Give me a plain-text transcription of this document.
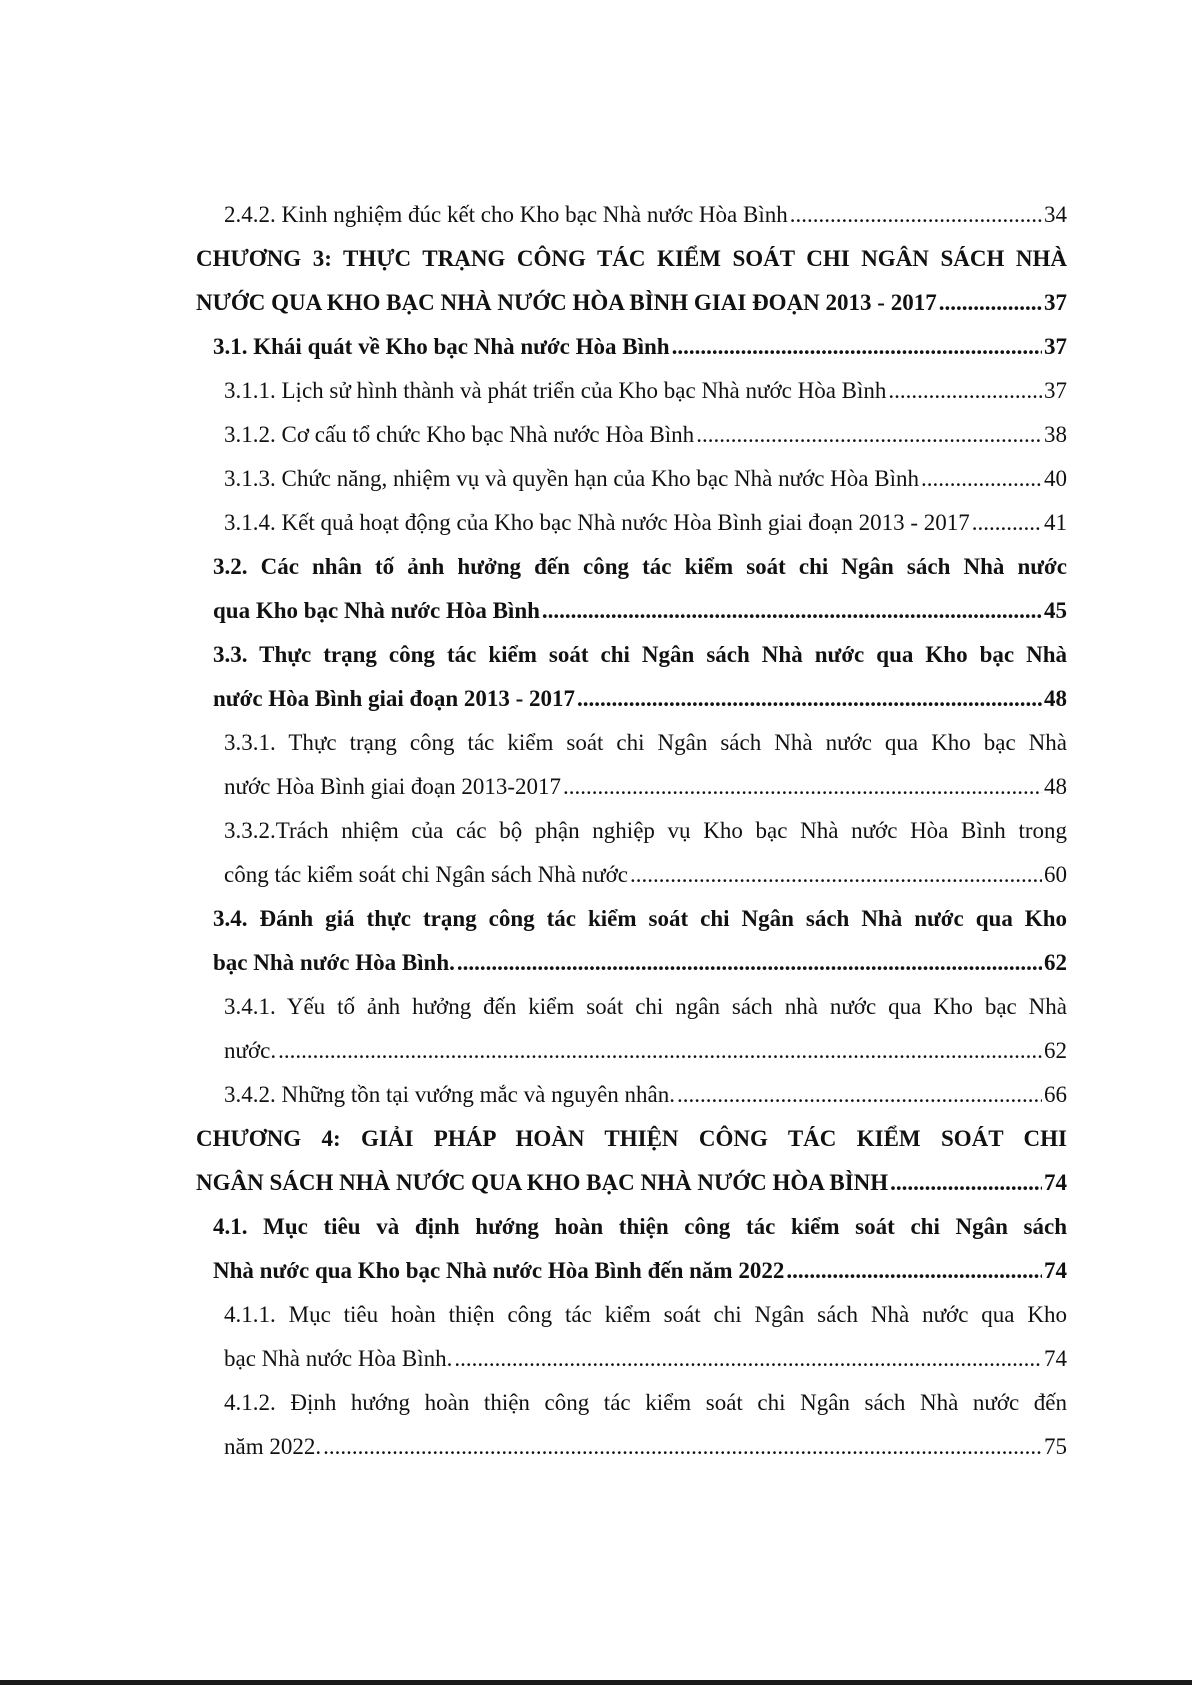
2.4.2. Kinh nghiệm đúc kết cho Kho bạc Nhà nước Hòa Bình .....	34
CHƯƠNG 3: THỰC TRẠNG CÔNG TÁC KIỂM SOÁT CHI NGÂN SÁCH NHÀ
NƯỚC QUA KHO BẠC NHÀ NƯỚC HÒA BÌNH GIAI ĐOẠN 2013 - 2017 .....	37
3.1. Khái quát về Kho bạc Nhà nước Hòa Bình .....	37
3.1.1. Lịch sử hình thành và phát triển của Kho bạc Nhà nước Hòa Bình .....	37
3.1.2. Cơ cấu tổ chức Kho bạc Nhà nước Hòa Bình .....	38
3.1.3. Chức năng, nhiệm vụ và quyền hạn của Kho bạc Nhà nước Hòa Bình .....	40
3.1.4. Kết quả hoạt động của Kho bạc Nhà nước Hòa Bình giai đoạn 2013 - 2017 .....	41
3.2. Các nhân tố ảnh hưởng đến công tác kiểm soát chi Ngân sách Nhà nước
qua Kho bạc Nhà nước Hòa Bình .....	45
3.3. Thực trạng công tác kiểm soát chi Ngân sách Nhà nước qua Kho bạc Nhà
nước Hòa Bình giai đoạn 2013 - 2017 .....	48
3.3.1. Thực trạng công tác kiểm soát chi Ngân sách Nhà nước qua Kho bạc Nhà
nước Hòa Bình giai đoạn 2013-2017 .....	48
3.3.2.Trách nhiệm của các bộ phận nghiệp vụ Kho bạc Nhà nước Hòa Bình trong
công tác kiểm soát chi Ngân sách Nhà nước .....	60
3.4. Đánh giá thực trạng công tác kiểm soát chi Ngân sách Nhà nước qua Kho
bạc Nhà nước Hòa Bình. .....	62
3.4.1. Yếu tố ảnh hưởng đến kiểm soát chi ngân sách nhà nước qua Kho bạc Nhà
nước. .....	62
3.4.2. Những tồn tại vướng mắc và nguyên nhân. .....	66
CHƯƠNG 4: GIẢI PHÁP HOÀN THIỆN CÔNG TÁC KIỂM SOÁT CHI
NGÂN SÁCH NHÀ NƯỚC QUA KHO BẠC NHÀ NƯỚC HÒA BÌNH .....	74
4.1. Mục tiêu và định hướng hoàn thiện công tác kiểm soát chi Ngân sách
Nhà nước qua Kho bạc Nhà nước Hòa Bình đến năm 2022 .....	74
4.1.1. Mục tiêu hoàn thiện công tác kiểm soát chi Ngân sách Nhà nước qua Kho
bạc Nhà nước Hòa Bình. .....	74
4.1.2. Định hướng hoàn thiện công tác kiểm soát chi Ngân sách Nhà nước đến
năm 2022. .....	75
